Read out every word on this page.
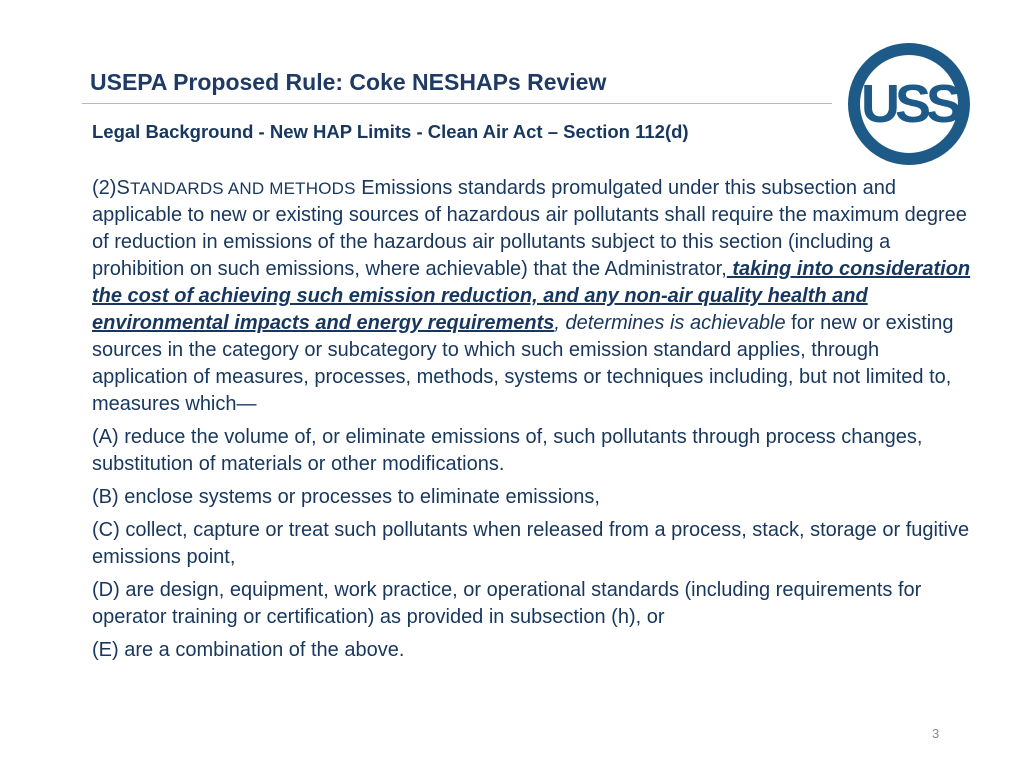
USEPA Proposed Rule: Coke NESHAPs Review	USS
Legal Background - New HAP Limits - Clean Air Act – Section 112(d)

(2)STANDARDS AND METHODS Emissions standards promulgated under this subsection and applicable to new or existing sources of hazardous air pollutants shall require the maximum degree of reduction in emissions of the hazardous air pollutants subject to this section (including a prohibition on such emissions, where achievable) that the Administrator, taking into consideration the cost of achieving such emission reduction, and any non-air quality health and environmental impacts and energy requirements, determines is achievable for new or existing sources in the category or subcategory to which such emission standard applies, through application of measures, processes, methods, systems or techniques including, but not limited to, measures which—

(A) reduce the volume of, or eliminate emissions of, such pollutants through process changes, substitution of materials or other modifications.

(B) enclose systems or processes to eliminate emissions,

(C) collect, capture or treat such pollutants when released from a process, stack, storage or fugitive emissions point,

(D) are design, equipment, work practice, or operational standards (including requirements for operator training or certification) as provided in subsection (h), or

(E) are a combination of the above.

3
